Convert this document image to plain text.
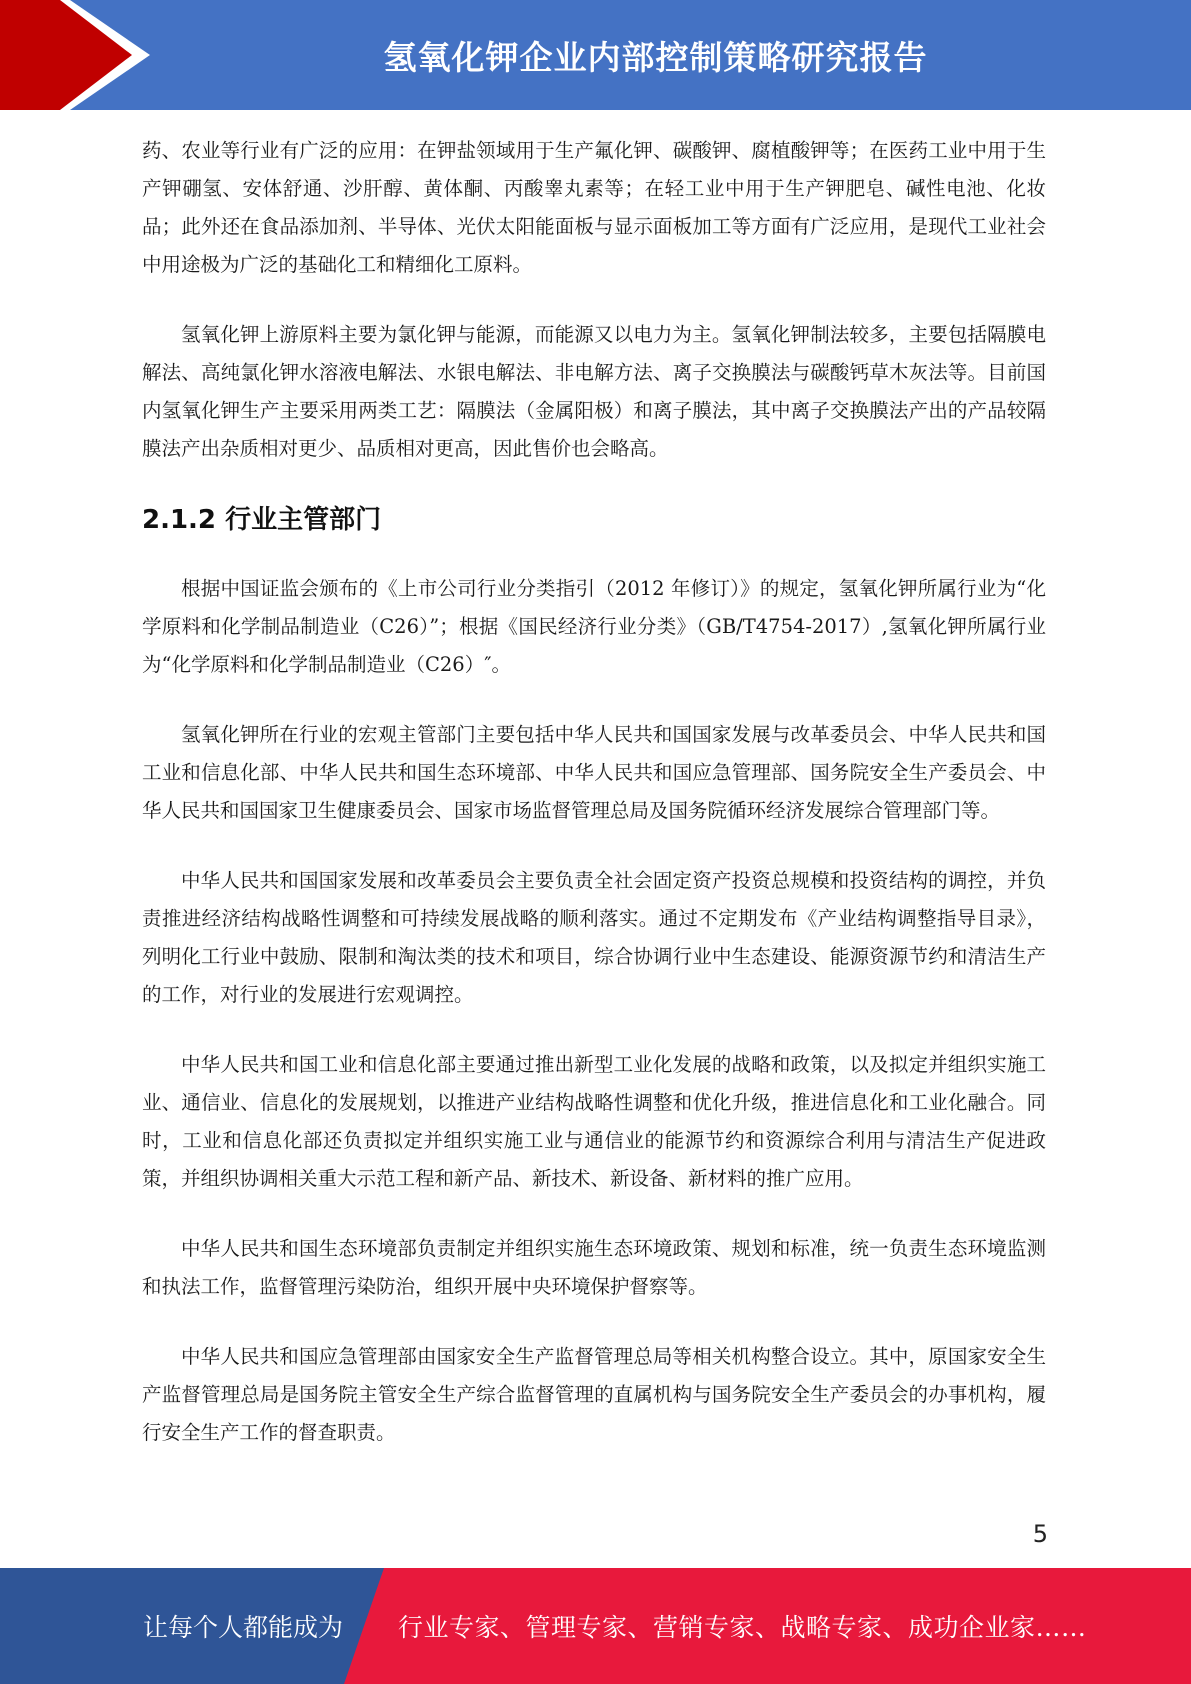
氢氧化钾企业内部控制策略研究报告

药、农业等行业有广泛的应用：在钾盐领域用于生产氟化钾、碳酸钾、腐植酸钾等；在医药工业中用于生产钾硼氢、安体舒通、沙肝醇、黄体酮、丙酸睾丸素等；在轻工业中用于生产钾肥皂、碱性电池、化妆品；此外还在食品添加剂、半导体、光伏太阳能面板与显示面板加工等方面有广泛应用，是现代工业社会中用途极为广泛的基础化工和精细化工原料。

氢氧化钾上游原料主要为氯化钾与能源，而能源又以电力为主。氢氧化钾制法较多，主要包括隔膜电解法、高纯氯化钾水溶液电解法、水银电解法、非电解方法、离子交换膜法与碳酸钙草木灰法等。目前国内氢氧化钾生产主要采用两类工艺：隔膜法（金属阳极）和离子膜法，其中离子交换膜法产出的产品较隔膜法产出杂质相对更少、品质相对更高，因此售价也会略高。

2.1.2 行业主管部门

根据中国证监会颁布的《上市公司行业分类指引（2012 年修订）》的规定，氢氧化钾所属行业为“化学原料和化学制品制造业（C26）”；根据《国民经济行业分类》（GB/T4754-2017）,氢氧化钾所属行业为“化学原料和化学制品制造业（C26）″。

氢氧化钾所在行业的宏观主管部门主要包括中华人民共和国国家发展与改革委员会、中华人民共和国工业和信息化部、中华人民共和国生态环境部、中华人民共和国应急管理部、国务院安全生产委员会、中华人民共和国国家卫生健康委员会、国家市场监督管理总局及国务院循环经济发展综合管理部门等。

中华人民共和国国家发展和改革委员会主要负责全社会固定资产投资总规模和投资结构的调控，并负责推进经济结构战略性调整和可持续发展战略的顺利落实。通过不定期发布《产业结构调整指导目录》，列明化工行业中鼓励、限制和淘汰类的技术和项目，综合协调行业中生态建设、能源资源节约和清洁生产的工作，对行业的发展进行宏观调控。

中华人民共和国工业和信息化部主要通过推出新型工业化发展的战略和政策，以及拟定并组织实施工业、通信业、信息化的发展规划，以推进产业结构战略性调整和优化升级，推进信息化和工业化融合。同时，工业和信息化部还负责拟定并组织实施工业与通信业的能源节约和资源综合利用与清洁生产促进政策，并组织协调相关重大示范工程和新产品、新技术、新设备、新材料的推广应用。

中华人民共和国生态环境部负责制定并组织实施生态环境政策、规划和标准，统一负责生态环境监测和执法工作，监督管理污染防治，组织开展中央环境保护督察等。

中华人民共和国应急管理部由国家安全生产监督管理总局等相关机构整合设立。其中，原国家安全生产监督管理总局是国务院主管安全生产综合监督管理的直属机构与国务院安全生产委员会的办事机构，履行安全生产工作的督查职责。

5
让每个人都能成为 行业专家、管理专家、营销专家、战略专家、成功企业家……
